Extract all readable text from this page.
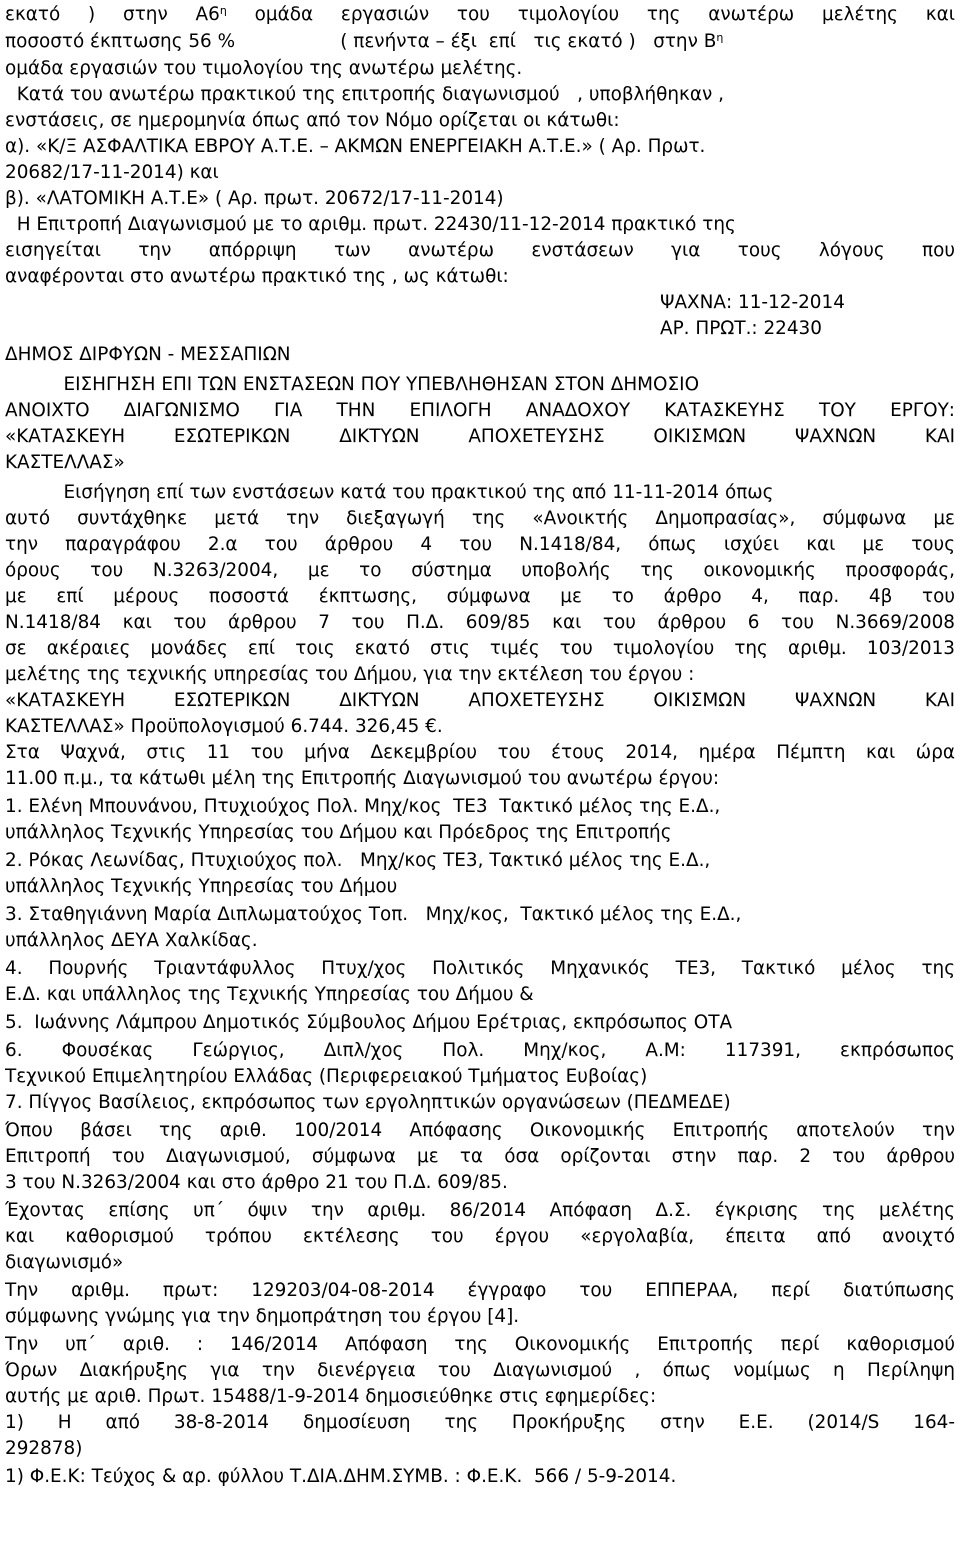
εκατό ) στην $A6^\eta$ ομάδα εργασιών του τιμολογίου της ανωτέρω μελέτης και
ποσοστό έκπτωσης 56 %                  ( πενήντα – έξι  επί   τις εκατό )   στην $B^\eta$
ομάδα εργασιών του τιμολογίου της ανωτέρω μελέτης.
Κατά του ανωτέρω πρακτικού της επιτροπής διαγωνισμού   , υποβλήθηκαν ,
ενστάσεις, σε ημερομηνία όπως από τον Νόμο ορίζεται οι κάτωθι:
α). «Κ/Ξ ΑΣΦΑΛΤΙΚΑ ΕΒΡΟΥ Α.Τ.Ε. – ΑΚΜΩΝ ΕΝΕΡΓΕΙΑΚΗ Α.Τ.Ε.» ( Αρ. Πρωτ.
20682/17-11-2014) και
β). «ΛΑΤΟΜΙΚΗ Α.Τ.Ε» ( Αρ. πρωτ. 20672/17-11-2014)
Η Επιτροπή Διαγωνισμού με το αριθμ. πρωτ. 22430/11-12-2014 πρακτικό της
εισηγείται την απόρριψη των ανωτέρω ενστάσεων για τους λόγους που
αναφέρονται στο ανωτέρω πρακτικό της , ως κάτωθι:

ΨΑΧΝΑ: 11-12-2014

ΑΡ. ΠΡΩΤ.: 22430

ΔΗΜΟΣ ΔΙΡΦΥΩΝ - ΜΕΣΣΑΠΙΩΝ
ΕΙΣΗΓΗΣΗ ΕΠΙ ΤΩΝ ΕΝΣΤΑΣΕΩΝ ΠΟΥ ΥΠΕΒΛΗΘΗΣΑΝ ΣΤΟΝ ΔΗΜΟΣΙΟ
ΑΝΟΙΧΤΟ ΔΙΑΓΩΝΙΣΜΟ ΓΙΑ ΤΗΝ ΕΠΙΛΟΓΗ ΑΝΑΔΟΧΟΥ ΚΑΤΑΣΚΕΥΗΣ ΤΟΥ ΕΡΓΟΥ:
«ΚΑΤΑΣΚΕΥΗ ΕΣΩΤΕΡΙΚΩΝ ΔΙΚΤΥΩΝ ΑΠΟΧΕΤΕΥΣΗΣ ΟΙΚΙΣΜΩΝ ΨΑΧΝΩΝ ΚΑΙ
ΚΑΣΤΕΛΛΑΣ»
Εισήγηση επί των ενστάσεων κατά του πρακτικού της από 11-11-2014 όπως
αυτό συντάχθηκε μετά την διεξαγωγή της «Ανοικτής Δημοπρασίας», σύμφωνα με
την παραγράφου 2.α του άρθρου 4 του Ν.1418/84, όπως ισχύει και με τους
όρους του Ν.3263/2004, με το σύστημα υποβολής της οικονομικής προσφοράς,
με επί μέρους ποσοστά έκπτωσης, σύμφωνα με το άρθρο 4, παρ. 4β του
Ν.1418/84 και του άρθρου 7 του Π.Δ. 609/85 και του άρθρου 6 του Ν.3669/2008
σε ακέραιες μονάδες επί τοις εκατό στις τιμές του τιμολογίου της αριθμ. 103/2013
μελέτης της τεχνικής υπηρεσίας του Δήμου, για την εκτέλεση του έργου :
«ΚΑΤΑΣΚΕΥΗ ΕΣΩΤΕΡΙΚΩΝ ΔΙΚΤΥΩΝ ΑΠΟΧΕΤΕΥΣΗΣ ΟΙΚΙΣΜΩΝ ΨΑΧΝΩΝ ΚΑΙ
ΚΑΣΤΕΛΛΑΣ» Προϋπολογισμού 6.744. 326,45 €.
Στα Ψαχνά, στις 11 του μήνα Δεκεμβρίου του έτους 2014, ημέρα Πέμπτη και ώρα
11.00 π.μ., τα κάτωθι μέλη της Επιτροπής Διαγωνισμού του ανωτέρω έργου:
1. Ελένη Μπουνάνου, Πτυχιούχος Πολ. Μηχ/κος  ΤΕ3  Τακτικό μέλος της Ε.Δ.,
υπάλληλος Τεχνικής Υπηρεσίας του Δήμου και Πρόεδρος της Επιτροπής
2. Ρόκας Λεωνίδας, Πτυχιούχος πολ.   Μηχ/κος ΤΕ3, Τακτικό μέλος της Ε.Δ.,
υπάλληλος Τεχνικής Υπηρεσίας του Δήμου
3. Σταθηγιάννη Μαρία Διπλωματούχος Τοπ.   Μηχ/κος,  Τακτικό μέλος της Ε.Δ.,
υπάλληλος ΔΕΥΑ Χαλκίδας.
4. Πουρνής Τριαντάφυλλος Πτυχ/χος Πολιτικός Μηχανικός ΤΕ3, Τακτικό μέλος της
Ε.Δ. και υπάλληλος της Τεχνικής Υπηρεσίας του Δήμου &
5.  Ιωάννης Λάμπρου Δημοτικός Σύμβουλος Δήμου Ερέτριας, εκπρόσωπος ΟΤΑ
6. Φουσέκας Γεώργιος, Διπλ/χος Πολ. Μηχ/κος, Α.Μ: 117391, εκπρόσωπος
Τεχνικού Επιμελητηρίου Ελλάδας (Περιφερειακού Τμήματος Ευβοίας)
7. Πίγγος Βασίλειος, εκπρόσωπος των εργοληπτικών οργανώσεων (ΠΕΔΜΕΔΕ)
Όπου βάσει της αριθ. 100/2014 Απόφασης Οικονομικής Επιτροπής αποτελούν την
Επιτροπή του Διαγωνισμού, σύμφωνα με τα όσα ορίζονται στην παρ. 2 του άρθρου
3 του Ν.3263/2004 και στο άρθρο 21 του Π.Δ. 609/85.
Έχοντας επίσης υπ΄ όψιν την αριθμ. 86/2014 Απόφαση Δ.Σ. έγκρισης της μελέτης
και καθορισμού τρόπου εκτέλεσης του έργου «εργολαβία, έπειτα από ανοιχτό
διαγωνισμό»
Την αριθμ. πρωτ: 129203/04-08-2014 έγγραφο του ΕΠΠΕΡΑΑ, περί διατύπωσης
σύμφωνης γνώμης για την δημοπράτηση του έργου [4].
Την υπ΄ αριθ. : 146/2014 Απόφαση της Οικονομικής Επιτροπής περί καθορισμού
Όρων Διακήρυξης για την διενέργεια του Διαγωνισμού , όπως νομίμως η Περίληψη
αυτής με αριθ. Πρωτ. 15488/1-9-2014 δημοσιεύθηκε στις εφημερίδες:
1) Η από 38-8-2014 δημοσίευση της Προκήρυξης στην Ε.Ε. (2014/S 164-
292878)
1) Φ.Ε.Κ: Τεύχος & αρ. φύλλου Τ.ΔΙΑ.ΔΗΜ.ΣΥΜΒ. : Φ.Ε.Κ.  566 / 5-9-2014.
